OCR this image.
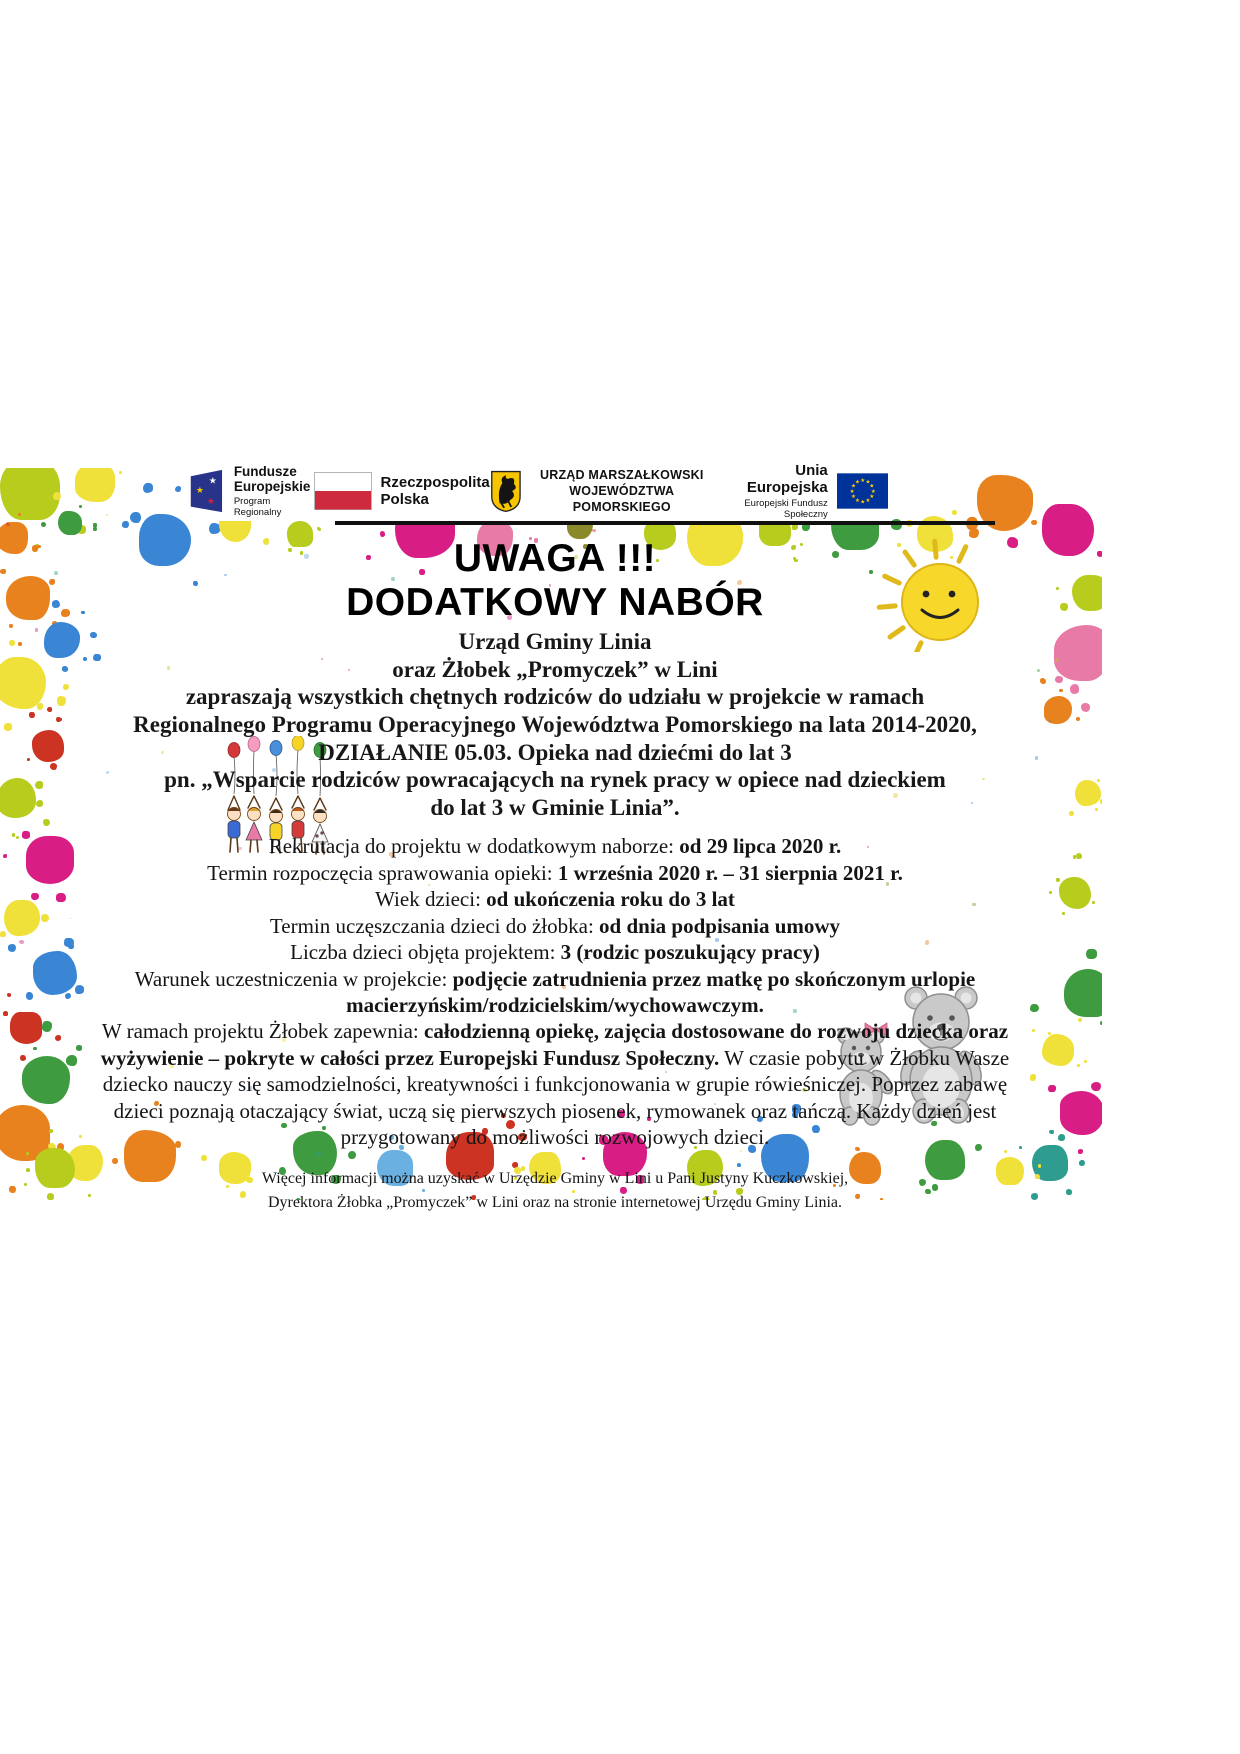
★
★
★
Fundusze
Europejskie
Program Regionalny
Rzeczpospolita
Polska
URZĄD MARSZAŁKOWSKI
WOJEWÓDZTWA POMORSKIEGO
Unia Europejska
Europejski Fundusz Społeczny
★
★
★
★
★
★
★
★
★ ★ ★
★
UWAGA !!!
DODATKOWY NABÓR
Urząd Gminy Linia
oraz Żłobek „Promyczek” w Lini
zapraszają wszystkich chętnych rodziców do udziału w projekcie w ramach
Regionalnego Programu Operacyjnego Województwa Pomorskiego na lata 2014-2020,
DZIAŁANIE 05.03. Opieka nad dziećmi do lat 3
pn. „Wsparcie rodziców powracających na rynek pracy w opiece nad dzieckiem
do lat 3 w Gminie Linia”.
Rekrutacja do projektu w dodatkowym naborze: od 29 lipca 2020 r.
Termin rozpoczęcia sprawowania opieki: 1 września 2020 r. – 31 sierpnia 2021 r.
Wiek dzieci: od ukończenia roku do 3 lat
Termin uczęszczania dzieci do żłobka: od dnia podpisania umowy
Liczba dzieci objęta projektem: 3 (rodzic poszukujący pracy)
Warunek uczestniczenia w projekcie: podjęcie zatrudnienia przez matkę po skończonym urlopie macierzyńskim/rodzicielskim/wychowawczym.
W ramach projektu Żłobek zapewnia: całodzienną opiekę, zajęcia dostosowane do rozwoju dziecka oraz wyżywienie – pokryte w całości przez Europejski Fundusz Społeczny. W czasie pobytu w Żłobku Wasze dziecko nauczy się samodzielności, kreatywności i funkcjonowania w grupie rówieśniczej. Poprzez zabawę dzieci poznają otaczający świat, uczą się pierwszych piosenek, rymowanek oraz tańczą. Każdy dzień jest przygotowany do możliwości rozwojowych dzieci.
Więcej informacji można uzyskać w Urzędzie Gminy w Lini u Pani Justyny Kuczkowskiej,
Dyrektora Żłobka „Promyczek” w Lini oraz na stronie internetowej Urzędu Gminy Linia.
